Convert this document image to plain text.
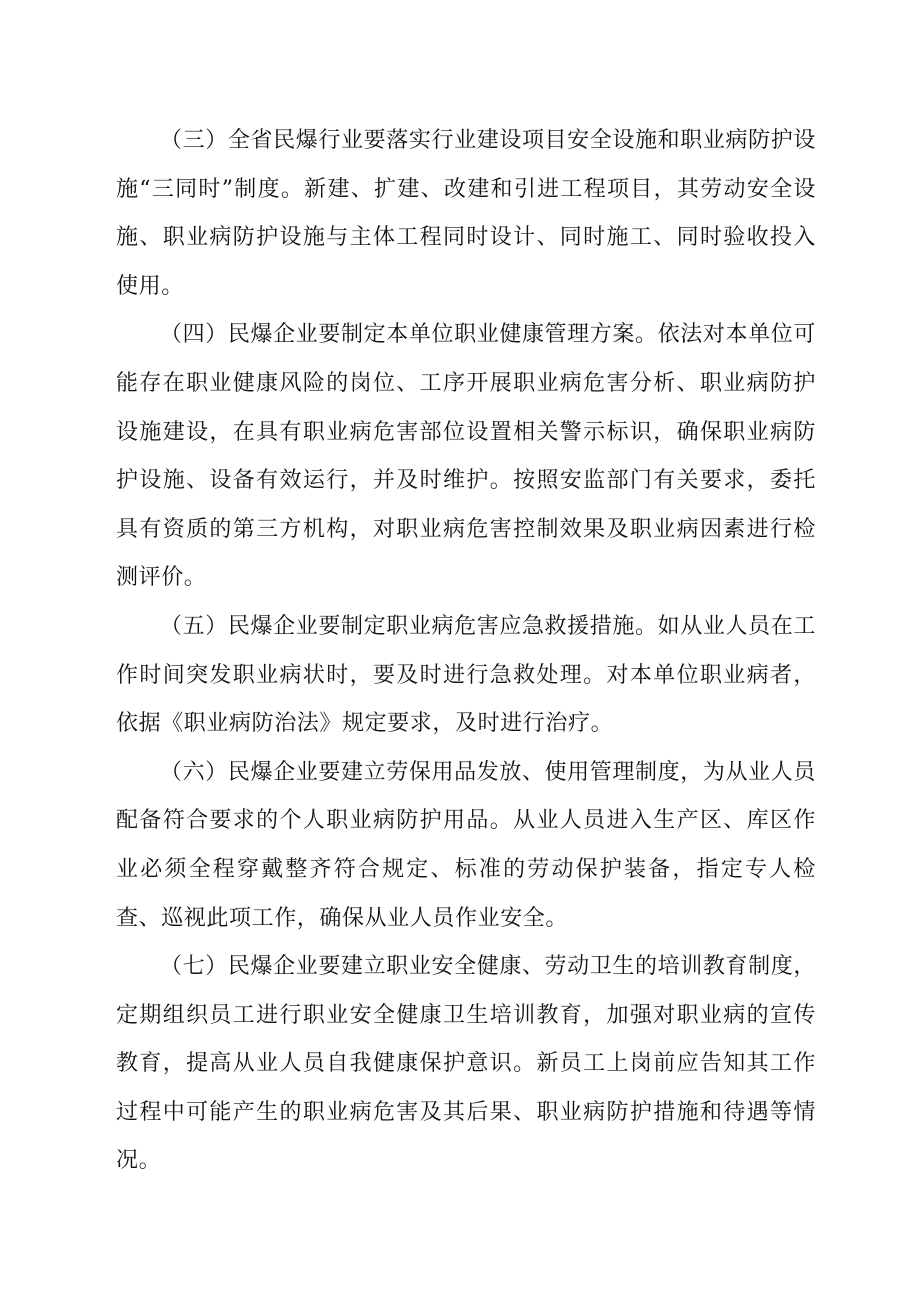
（三）全省民爆行业要落实行业建设项目安全设施和职业病防护设施“三同时”制度。新建、扩建、改建和引进工程项目，其劳动安全设施、职业病防护设施与主体工程同时设计、同时施工、同时验收投入使用。

（四）民爆企业要制定本单位职业健康管理方案。依法对本单位可能存在职业健康风险的岗位、工序开展职业病危害分析、职业病防护设施建设，在具有职业病危害部位设置相关警示标识，确保职业病防护设施、设备有效运行，并及时维护。按照安监部门有关要求，委托具有资质的第三方机构，对职业病危害控制效果及职业病因素进行检测评价。

（五）民爆企业要制定职业病危害应急救援措施。如从业人员在工作时间突发职业病状时，要及时进行急救处理。对本单位职业病者，依据《职业病防治法》规定要求，及时进行治疗。

（六）民爆企业要建立劳保用品发放、使用管理制度，为从业人员配备符合要求的个人职业病防护用品。从业人员进入生产区、库区作业必须全程穿戴整齐符合规定、标准的劳动保护装备，指定专人检查、巡视此项工作，确保从业人员作业安全。

（七）民爆企业要建立职业安全健康、劳动卫生的培训教育制度，定期组织员工进行职业安全健康卫生培训教育，加强对职业病的宣传教育，提高从业人员自我健康保护意识。新员工上岗前应告知其工作过程中可能产生的职业病危害及其后果、职业病防护措施和待遇等情况。
